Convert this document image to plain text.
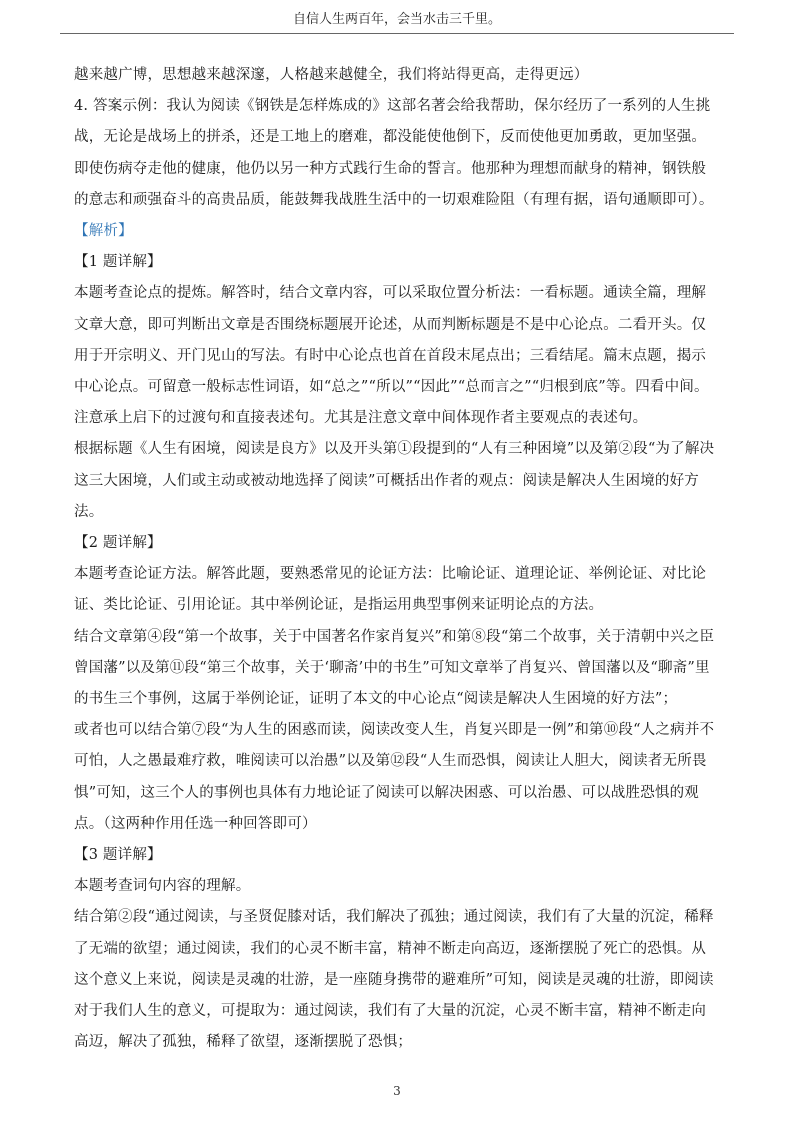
自信人生两百年，会当水击三千里。

越来越广博，思想越来越深邃，人格越来越健全，我们将站得更高，走得更远）

4. 答案示例：我认为阅读《钢铁是怎样炼成的》这部名著会给我帮助，保尔经历了一系列的人生挑战，无论是战场上的拼杀，还是工地上的磨难，都没能使他倒下，反而使他更加勇敢，更加坚强。即使伤病夺走他的健康，他仍以另一种方式践行生命的誓言。他那种为理想而献身的精神，钢铁般的意志和顽强奋斗的高贵品质，能鼓舞我战胜生活中的一切艰难险阻（有理有据，语句通顺即可）。

【解析】

【1 题详解】

本题考查论点的提炼。解答时，结合文章内容，可以采取位置分析法：一看标题。通读全篇，理解文章大意，即可判断出文章是否围绕标题展开论述，从而判断标题是不是中心论点。二看开头。仅用于开宗明义、开门见山的写法。有时中心论点也首在首段末尾点出；三看结尾。篇末点题，揭示中心论点。可留意一般标志性词语，如“总之”“所以”“因此”“总而言之”“归根到底”等。四看中间。注意承上启下的过渡句和直接表述句。尤其是注意文章中间体现作者主要观点的表述句。

根据标题《人生有困境，阅读是良方》以及开头第①段提到的“人有三种困境”以及第②段“为了解决这三大困境，人们或主动或被动地选择了阅读”可概括出作者的观点：阅读是解决人生困境的好方法。

【2 题详解】

本题考查论证方法。解答此题，要熟悉常见的论证方法：比喻论证、道理论证、举例论证、对比论证、类比论证、引用论证。其中举例论证，是指运用典型事例来证明论点的方法。

结合文章第④段“第一个故事，关于中国著名作家肖复兴”和第⑧段“第二个故事，关于清朝中兴之臣曾国藩”以及第⑪段“第三个故事，关于‘聊斋’中的书生”可知文章举了肖复兴、曾国藩以及“聊斋”里的书生三个事例，这属于举例论证，证明了本文的中心论点“阅读是解决人生困境的好方法”；

或者也可以结合第⑦段“为人生的困惑而读，阅读改变人生，肖复兴即是一例”和第⑩段“人之病并不可怕，人之愚最难疗救，唯阅读可以治愚”以及第⑫段“人生而恐惧，阅读让人胆大，阅读者无所畏惧”可知，这三个人的事例也具体有力地论证了阅读可以解决困惑、可以治愚、可以战胜恐惧的观点。（这两种作用任选一种回答即可）

【3 题详解】

本题考查词句内容的理解。

结合第②段“通过阅读，与圣贤促膝对话，我们解决了孤独；通过阅读，我们有了大量的沉淀，稀释了无端的欲望；通过阅读，我们的心灵不断丰富，精神不断走向高迈，逐渐摆脱了死亡的恐惧。从这个意义上来说，阅读是灵魂的壮游，是一座随身携带的避难所”可知，阅读是灵魂的壮游，即阅读对于我们人生的意义，可提取为：通过阅读，我们有了大量的沉淀，心灵不断丰富，精神不断走向高迈，解决了孤独，稀释了欲望，逐渐摆脱了恐惧；

3
